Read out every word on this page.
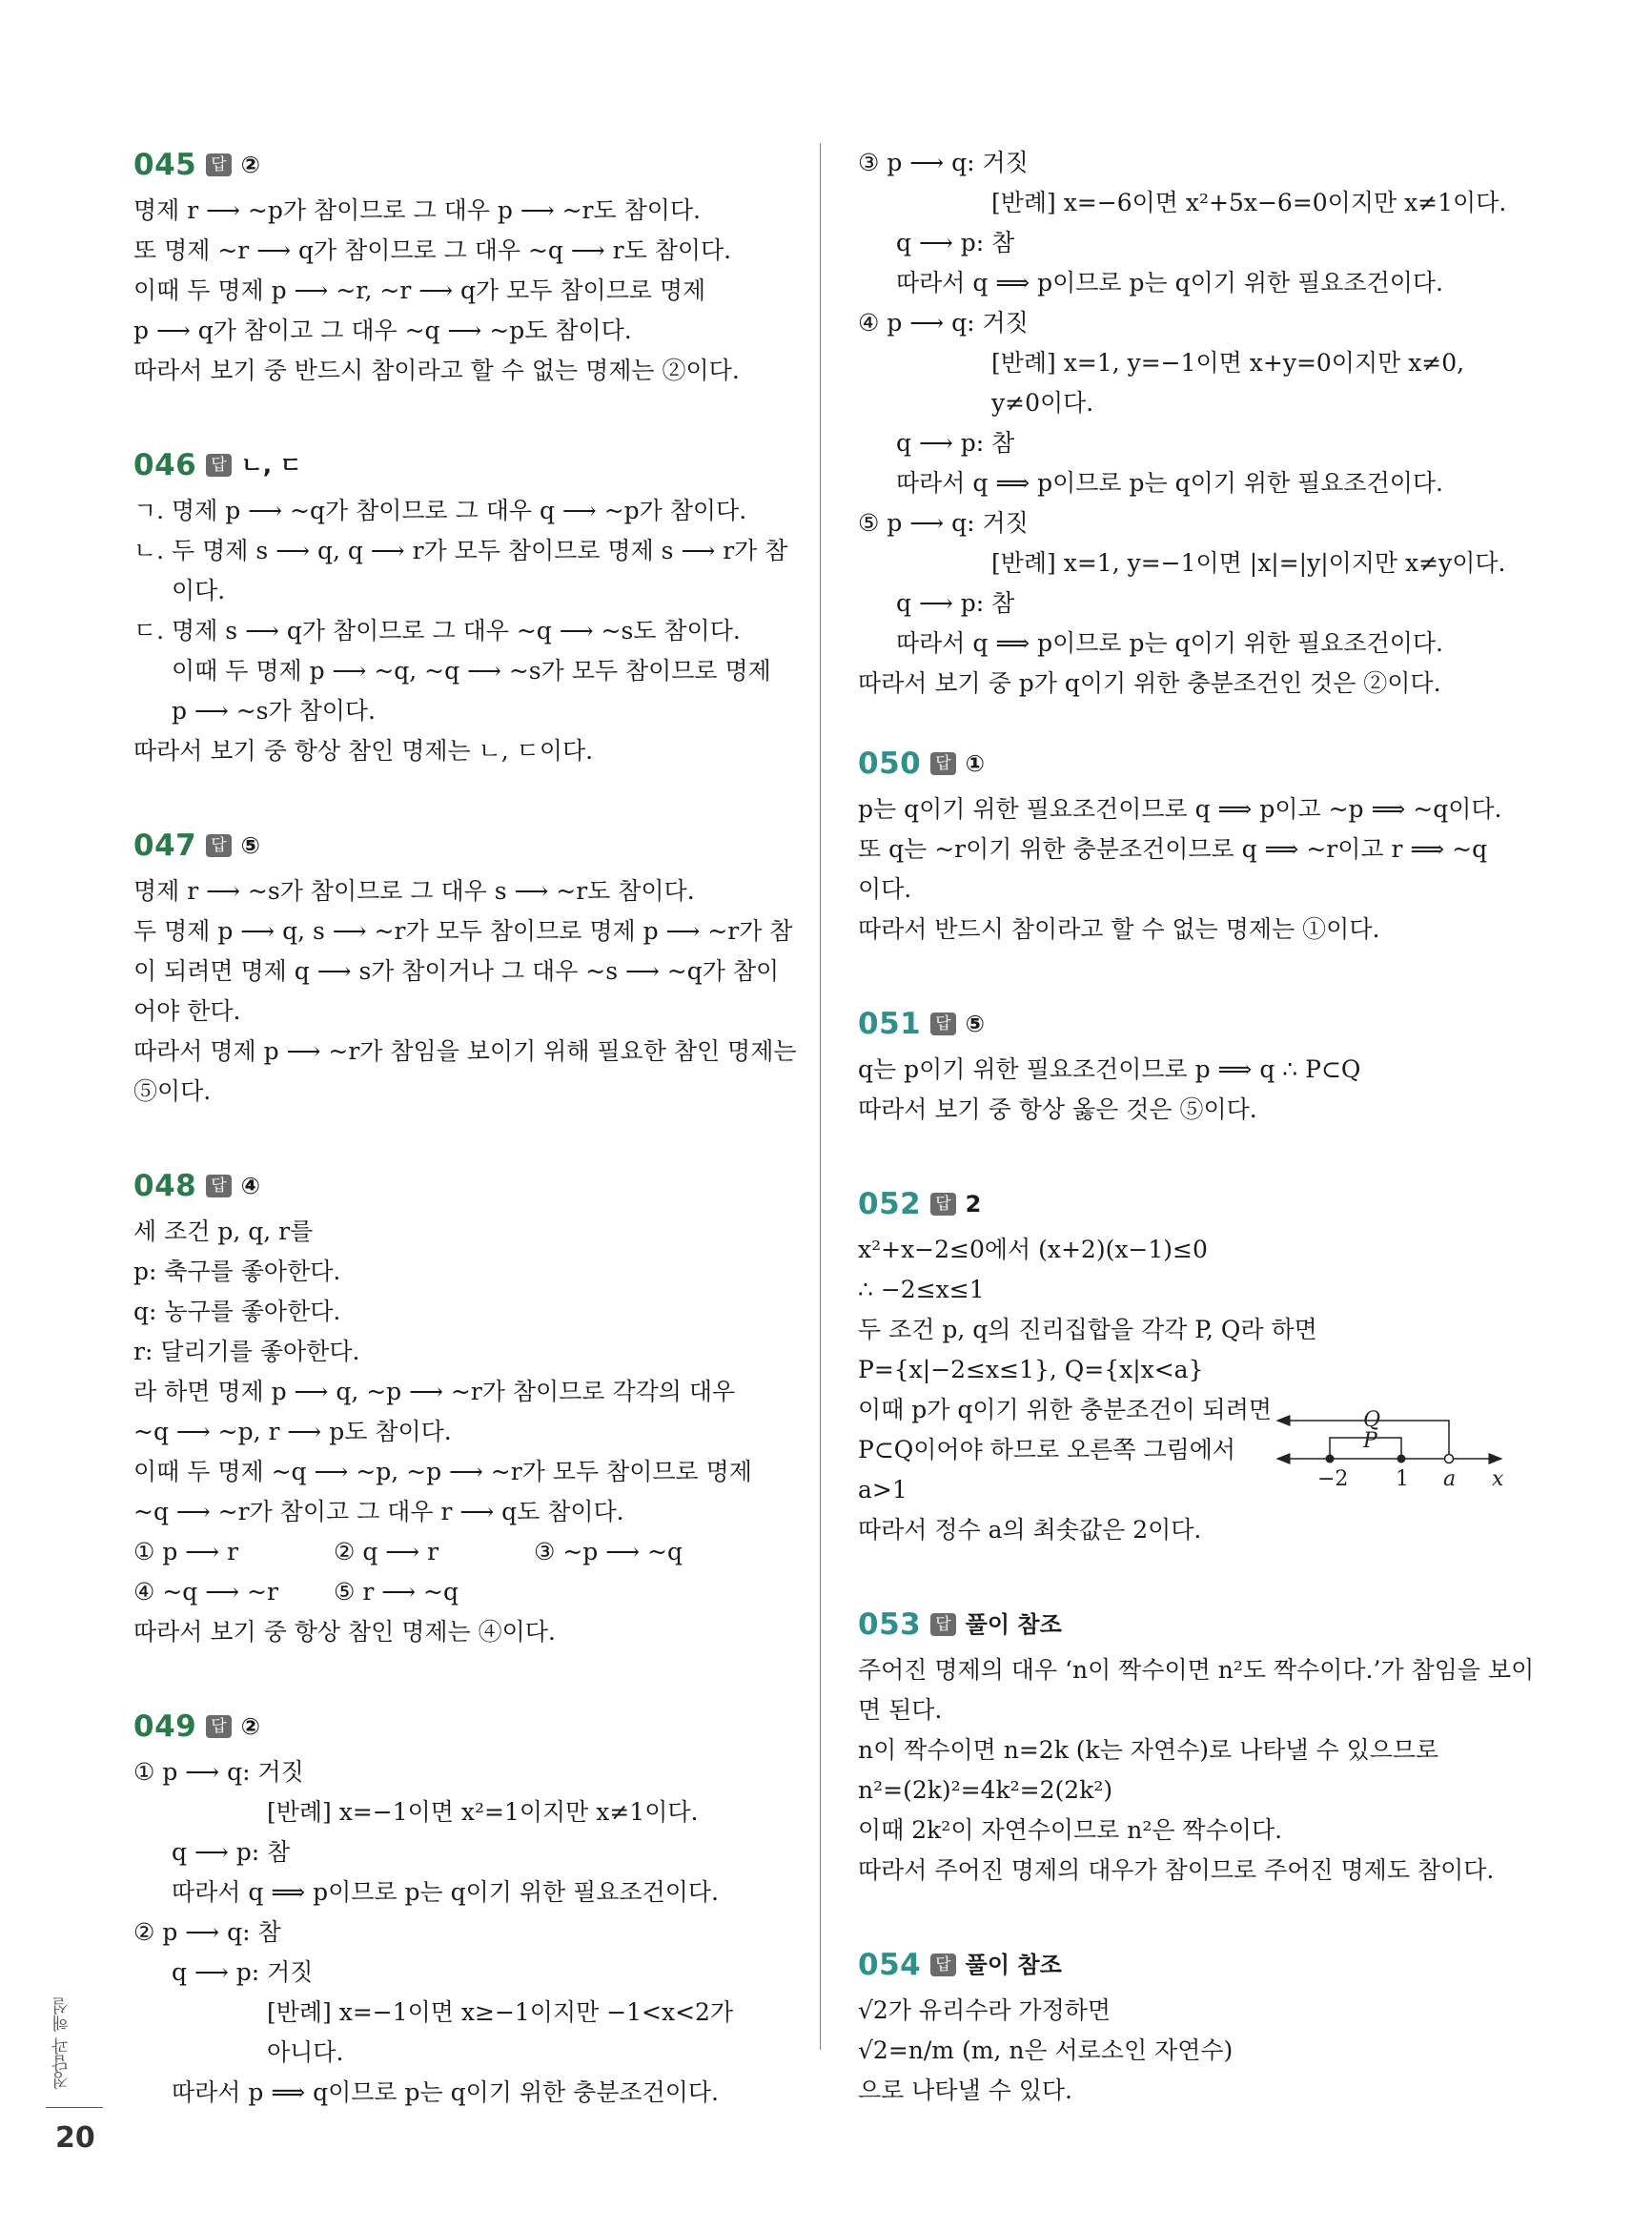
045 답 ②
명제 r ⟶ ~p가 참이므로 그 대우 p ⟶ ~r도 참이다.
또 명제 ~r ⟶ q가 참이므로 그 대우 ~q ⟶ r도 참이다.
이때 두 명제 p ⟶ ~r, ~r ⟶ q가 모두 참이므로 명제
p ⟶ q가 참이고 그 대우 ~q ⟶ ~p도 참이다.
따라서 보기 중 반드시 참이라고 할 수 없는 명제는 ②이다.
046 답 ㄴ, ㄷ
ㄱ. 명제 p ⟶ ~q가 참이므로 그 대우 q ⟶ ~p가 참이다.
ㄴ. 두 명제 s ⟶ q, q ⟶ r가 모두 참이므로 명제 s ⟶ r가 참
이다.
ㄷ. 명제 s ⟶ q가 참이므로 그 대우 ~q ⟶ ~s도 참이다.
이때 두 명제 p ⟶ ~q, ~q ⟶ ~s가 모두 참이므로 명제
p ⟶ ~s가 참이다.
따라서 보기 중 항상 참인 명제는 ㄴ, ㄷ이다.
047 답 ⑤
명제 r ⟶ ~s가 참이므로 그 대우 s ⟶ ~r도 참이다.
두 명제 p ⟶ q, s ⟶ ~r가 모두 참이므로 명제 p ⟶ ~r가 참
이 되려면 명제 q ⟶ s가 참이거나 그 대우 ~s ⟶ ~q가 참이
어야 한다.
따라서 명제 p ⟶ ~r가 참임을 보이기 위해 필요한 참인 명제는
⑤이다.
048 답 ④
세 조건 p, q, r를
p: 축구를 좋아한다.
q: 농구를 좋아한다.
r: 달리기를 좋아한다.
라 하면 명제 p ⟶ q, ~p ⟶ ~r가 참이므로 각각의 대우
~q ⟶ ~p, r ⟶ p도 참이다.
이때 두 명제 ~q ⟶ ~p, ~p ⟶ ~r가 모두 참이므로 명제
~q ⟶ ~r가 참이고 그 대우 r ⟶ q도 참이다.
① p ⟶ r	② q ⟶ r	③ ~p ⟶ ~q
④ ~q ⟶ ~r	⑤ r ⟶ ~q
따라서 보기 중 항상 참인 명제는 ④이다.
049 답 ②
① p ⟶ q: 거짓
[반례] x=−1이면 x²=1이지만 x≠1이다.
q ⟶ p: 참
따라서 q ⟹ p이므로 p는 q이기 위한 필요조건이다.
② p ⟶ q: 참
q ⟶ p: 거짓
[반례] x=−1이면 x≥−1이지만 −1<x<2가
아니다.
따라서 p ⟹ q이므로 p는 q이기 위한 충분조건이다.
③ p ⟶ q: 거짓
[반례] x=−6이면 x²+5x−6=0이지만 x≠1이다.
q ⟶ p: 참
따라서 q ⟹ p이므로 p는 q이기 위한 필요조건이다.
④ p ⟶ q: 거짓
[반례] x=1, y=−1이면 x+y=0이지만 x≠0,
y≠0이다.
q ⟶ p: 참
따라서 q ⟹ p이므로 p는 q이기 위한 필요조건이다.
⑤ p ⟶ q: 거짓
[반례] x=1, y=−1이면 |x|=|y|이지만 x≠y이다.
q ⟶ p: 참
따라서 q ⟹ p이므로 p는 q이기 위한 필요조건이다.
따라서 보기 중 p가 q이기 위한 충분조건인 것은 ②이다.
050 답 ①
p는 q이기 위한 필요조건이므로 q ⟹ p이고 ~p ⟹ ~q이다.
또 q는 ~r이기 위한 충분조건이므로 q ⟹ ~r이고 r ⟹ ~q
이다.
따라서 반드시 참이라고 할 수 없는 명제는 ①이다.
051 답 ⑤
q는 p이기 위한 필요조건이므로 p ⟹ q ∴ P⊂Q
따라서 보기 중 항상 옳은 것은 ⑤이다.
052 답 2
x²+x−2≤0에서 (x+2)(x−1)≤0
∴ −2≤x≤1
두 조건 p, q의 진리집합을 각각 P, Q라 하면
P={x|−2≤x≤1}, Q={x|x<a}
이때 p가 q이기 위한 충분조건이 되려면
P⊂Q이어야 하므로 오른쪽 그림에서
a>1
따라서 정수 a의 최솟값은 2이다.
Q
P
−2 1 a x
053 답 풀이 참조
주어진 명제의 대우 ‘n이 짝수이면 n²도 짝수이다.’가 참임을 보이
면 된다.
n이 짝수이면 n=2k (k는 자연수)로 나타낼 수 있으므로
n²=(2k)²=4k²=2(2k²)
이때 2k²이 자연수이므로 n²은 짝수이다.
따라서 주어진 명제의 대우가 참이므로 주어진 명제도 참이다.
054 답 풀이 참조
√2가 유리수라 가정하면
√2=n/m (m, n은 서로소인 자연수)
으로 나타낼 수 있다.
정답과 해설
20
